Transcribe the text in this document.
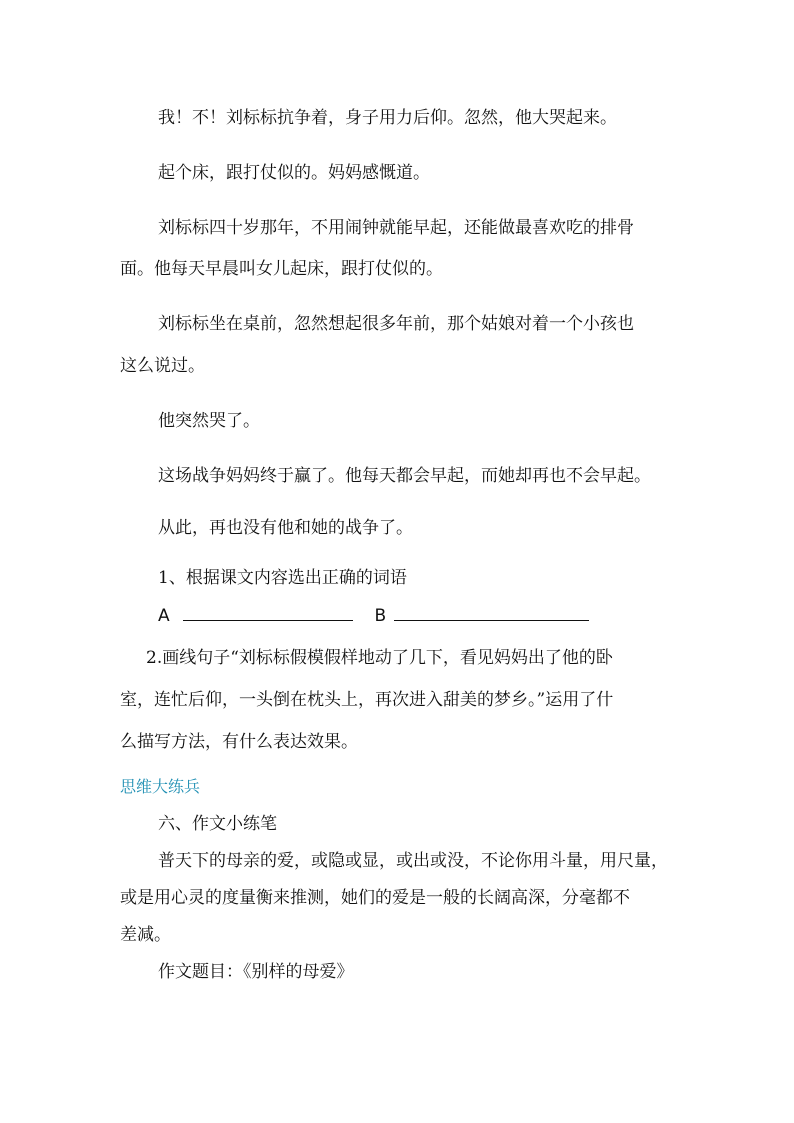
我！不！刘标标抗争着，身子用力后仰。忽然，他大哭起来。
起个床，跟打仗似的。妈妈感慨道。
刘标标四十岁那年，不用闹钟就能早起，还能做最喜欢吃的排骨
面。他每天早晨叫女儿起床，跟打仗似的。
刘标标坐在桌前，忽然想起很多年前，那个姑娘对着一个小孩也
这么说过。
他突然哭了。
这场战争妈妈终于赢了。他每天都会早起，而她却再也不会早起。
从此，再也没有他和她的战争了。
1、根据课文内容选出正确的词语
A	B
2.画线句子“刘标标假模假样地动了几下，看见妈妈出了他的卧
室，连忙后仰，一头倒在枕头上，再次进入甜美的梦乡。”运用了什
么描写方法，有什么表达效果。
思维大练兵
六、作文小练笔
普天下的母亲的爱，或隐或显，或出或没，不论你用斗量，用尺量，
或是用心灵的度量衡来推测，她们的爱是一般的长阔高深，分毫都不
差减。
作文题目：《别样的母爱》
